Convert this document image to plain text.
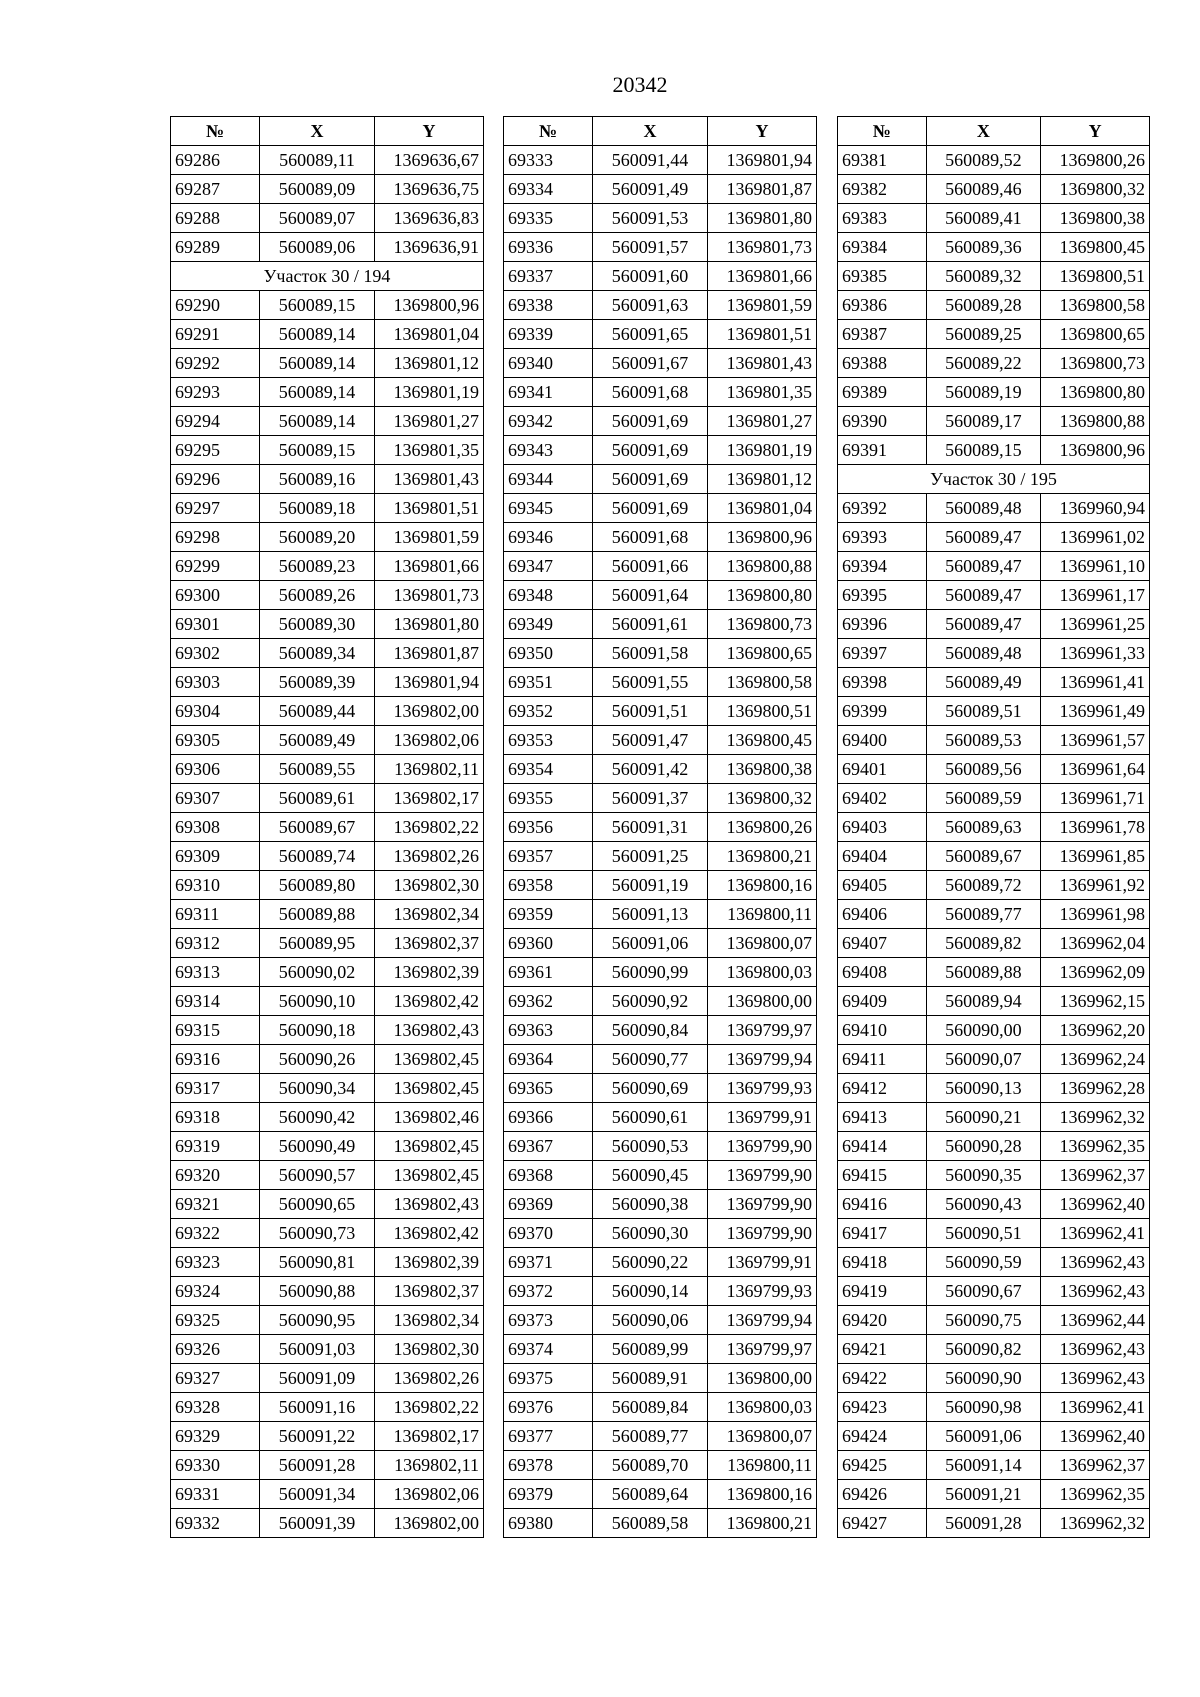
20342
№	X	Y
69286	560089,11	1369636,67
69287	560089,09	1369636,75
69288	560089,07	1369636,83
69289	560089,06	1369636,91
Участок 30 / 194		
69290	560089,15	1369800,96
69291	560089,14	1369801,04
69292	560089,14	1369801,12
69293	560089,14	1369801,19
69294	560089,14	1369801,27
69295	560089,15	1369801,35
69296	560089,16	1369801,43
69297	560089,18	1369801,51
69298	560089,20	1369801,59
69299	560089,23	1369801,66
69300	560089,26	1369801,73
69301	560089,30	1369801,80
69302	560089,34	1369801,87
69303	560089,39	1369801,94
69304	560089,44	1369802,00
69305	560089,49	1369802,06
69306	560089,55	1369802,11
69307	560089,61	1369802,17
69308	560089,67	1369802,22
69309	560089,74	1369802,26
69310	560089,80	1369802,30
69311	560089,88	1369802,34
69312	560089,95	1369802,37
69313	560090,02	1369802,39
69314	560090,10	1369802,42
69315	560090,18	1369802,43
69316	560090,26	1369802,45
69317	560090,34	1369802,45
69318	560090,42	1369802,46
69319	560090,49	1369802,45
69320	560090,57	1369802,45
69321	560090,65	1369802,43
69322	560090,73	1369802,42
69323	560090,81	1369802,39
69324	560090,88	1369802,37
69325	560090,95	1369802,34
69326	560091,03	1369802,30
69327	560091,09	1369802,26
69328	560091,16	1369802,22
69329	560091,22	1369802,17
69330	560091,28	1369802,11
69331	560091,34	1369802,06
69332	560091,39	1369802,00
№	X	Y
69333	560091,44	1369801,94
69334	560091,49	1369801,87
69335	560091,53	1369801,80
69336	560091,57	1369801,73
69337	560091,60	1369801,66
69338	560091,63	1369801,59
69339	560091,65	1369801,51
69340	560091,67	1369801,43
69341	560091,68	1369801,35
69342	560091,69	1369801,27
69343	560091,69	1369801,19
69344	560091,69	1369801,12
69345	560091,69	1369801,04
69346	560091,68	1369800,96
69347	560091,66	1369800,88
69348	560091,64	1369800,80
69349	560091,61	1369800,73
69350	560091,58	1369800,65
69351	560091,55	1369800,58
69352	560091,51	1369800,51
69353	560091,47	1369800,45
69354	560091,42	1369800,38
69355	560091,37	1369800,32
69356	560091,31	1369800,26
69357	560091,25	1369800,21
69358	560091,19	1369800,16
69359	560091,13	1369800,11
69360	560091,06	1369800,07
69361	560090,99	1369800,03
69362	560090,92	1369800,00
69363	560090,84	1369799,97
69364	560090,77	1369799,94
69365	560090,69	1369799,93
69366	560090,61	1369799,91
69367	560090,53	1369799,90
69368	560090,45	1369799,90
69369	560090,38	1369799,90
69370	560090,30	1369799,90
69371	560090,22	1369799,91
69372	560090,14	1369799,93
69373	560090,06	1369799,94
69374	560089,99	1369799,97
69375	560089,91	1369800,00
69376	560089,84	1369800,03
69377	560089,77	1369800,07
69378	560089,70	1369800,11
69379	560089,64	1369800,16
69380	560089,58	1369800,21
№	X	Y
69381	560089,52	1369800,26
69382	560089,46	1369800,32
69383	560089,41	1369800,38
69384	560089,36	1369800,45
69385	560089,32	1369800,51
69386	560089,28	1369800,58
69387	560089,25	1369800,65
69388	560089,22	1369800,73
69389	560089,19	1369800,80
69390	560089,17	1369800,88
69391	560089,15	1369800,96
Участок 30 / 195		
69392	560089,48	1369960,94
69393	560089,47	1369961,02
69394	560089,47	1369961,10
69395	560089,47	1369961,17
69396	560089,47	1369961,25
69397	560089,48	1369961,33
69398	560089,49	1369961,41
69399	560089,51	1369961,49
69400	560089,53	1369961,57
69401	560089,56	1369961,64
69402	560089,59	1369961,71
69403	560089,63	1369961,78
69404	560089,67	1369961,85
69405	560089,72	1369961,92
69406	560089,77	1369961,98
69407	560089,82	1369962,04
69408	560089,88	1369962,09
69409	560089,94	1369962,15
69410	560090,00	1369962,20
69411	560090,07	1369962,24
69412	560090,13	1369962,28
69413	560090,21	1369962,32
69414	560090,28	1369962,35
69415	560090,35	1369962,37
69416	560090,43	1369962,40
69417	560090,51	1369962,41
69418	560090,59	1369962,43
69419	560090,67	1369962,43
69420	560090,75	1369962,44
69421	560090,82	1369962,43
69422	560090,90	1369962,43
69423	560090,98	1369962,41
69424	560091,06	1369962,40
69425	560091,14	1369962,37
69426	560091,21	1369962,35
69427	560091,28	1369962,32
